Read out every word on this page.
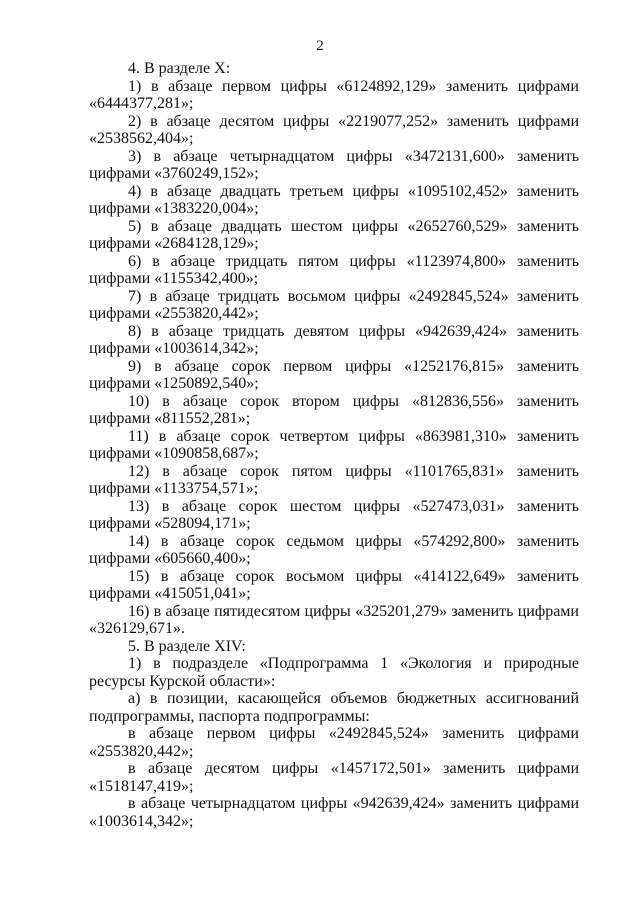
2

4. В разделе X:

1) в абзаце первом цифры «6124892,129» заменить цифрами «6444377,281»;

2) в абзаце десятом цифры «2219077,252» заменить цифрами «2538562,404»;

3) в абзаце четырнадцатом цифры «3472131,600» заменить цифрами «3760249,152»;

4) в абзаце двадцать третьем цифры «1095102,452» заменить цифрами «1383220,004»;

5) в абзаце двадцать шестом цифры «2652760,529» заменить цифрами «2684128,129»;

6) в абзаце тридцать пятом цифры «1123974,800» заменить цифрами «1155342,400»;

7) в абзаце тридцать восьмом цифры «2492845,524» заменить цифрами «2553820,442»;

8) в абзаце тридцать девятом цифры «942639,424» заменить цифрами «1003614,342»;

9) в абзаце сорок первом цифры «1252176,815» заменить цифрами «1250892,540»;

10) в абзаце сорок втором цифры «812836,556» заменить цифрами «811552,281»;

11) в абзаце сорок четвертом цифры «863981,310» заменить цифрами «1090858,687»;

12) в абзаце сорок пятом цифры «1101765,831» заменить цифрами «1133754,571»;

13) в абзаце сорок шестом цифры «527473,031» заменить цифрами «528094,171»;

14) в абзаце сорок седьмом цифры «574292,800» заменить цифрами «605660,400»;

15) в абзаце сорок восьмом цифры «414122,649» заменить цифрами «415051,041»;

16) в абзаце пятидесятом цифры «325201,279» заменить цифрами «326129,671».

5. В разделе XIV:

1) в подразделе «Подпрограмма 1 «Экология и природные ресурсы Курской области»:

а) в позиции, касающейся объемов бюджетных ассигнований подпрограммы, паспорта подпрограммы:

в абзаце первом цифры «2492845,524» заменить цифрами «2553820,442»;

в абзаце десятом цифры «1457172,501» заменить цифрами «1518147,419»;

в абзаце четырнадцатом цифры «942639,424» заменить цифрами «1003614,342»;
